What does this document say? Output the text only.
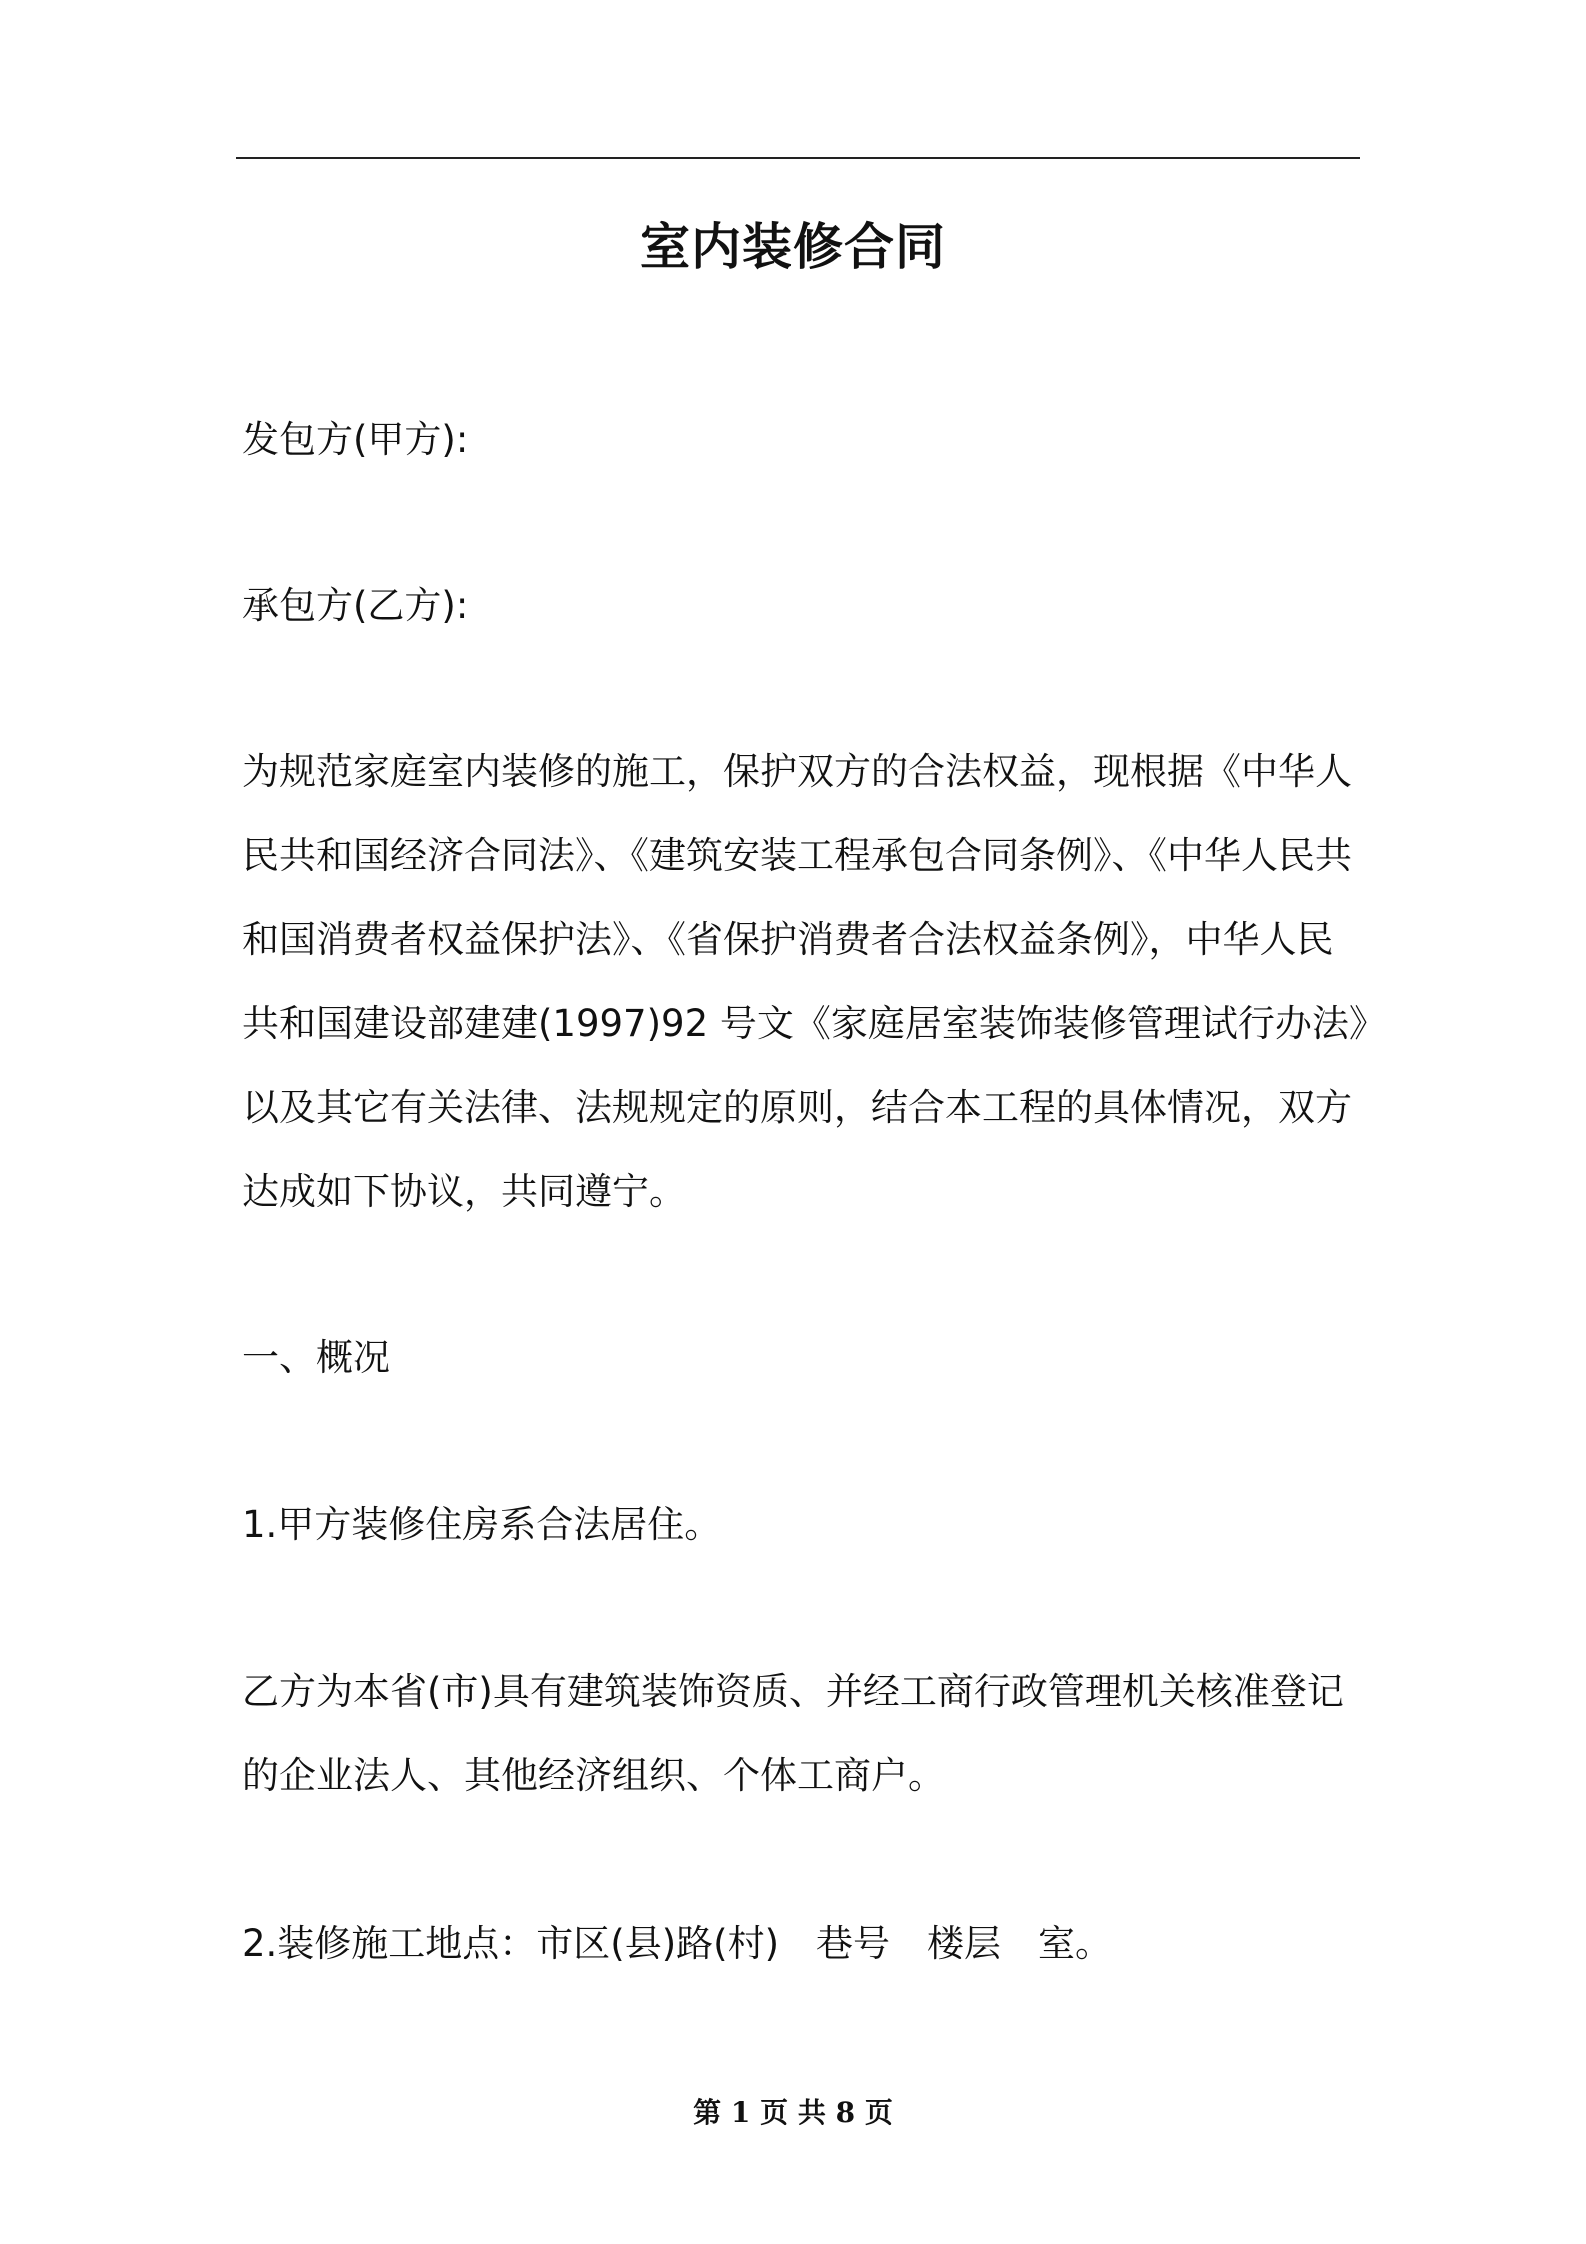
室内装修合同

发包方(甲方):

承包方(乙方):

为规范家庭室内装修的施工，保护双方的合法权益，现根据《中华人
民共和国经济合同法》、《建筑安装工程承包合同条例》、《中华人民共
和国消费者权益保护法》、《省保护消费者合法权益条例》，中华人民
共和国建设部建建(1997)92 号文《家庭居室装饰装修管理试行办法》
以及其它有关法律、法规规定的原则，结合本工程的具体情况，双方
达成如下协议，共同遵宁。

一、概况

1.甲方装修住房系合法居住。

乙方为本省(市)具有建筑装饰资质、并经工商行政管理机关核准登记
的企业法人、其他经济组织、个体工商户。

2.装修施工地点：市区(县)路(村)　巷号　楼层　室。

第 1 页 共 8 页
